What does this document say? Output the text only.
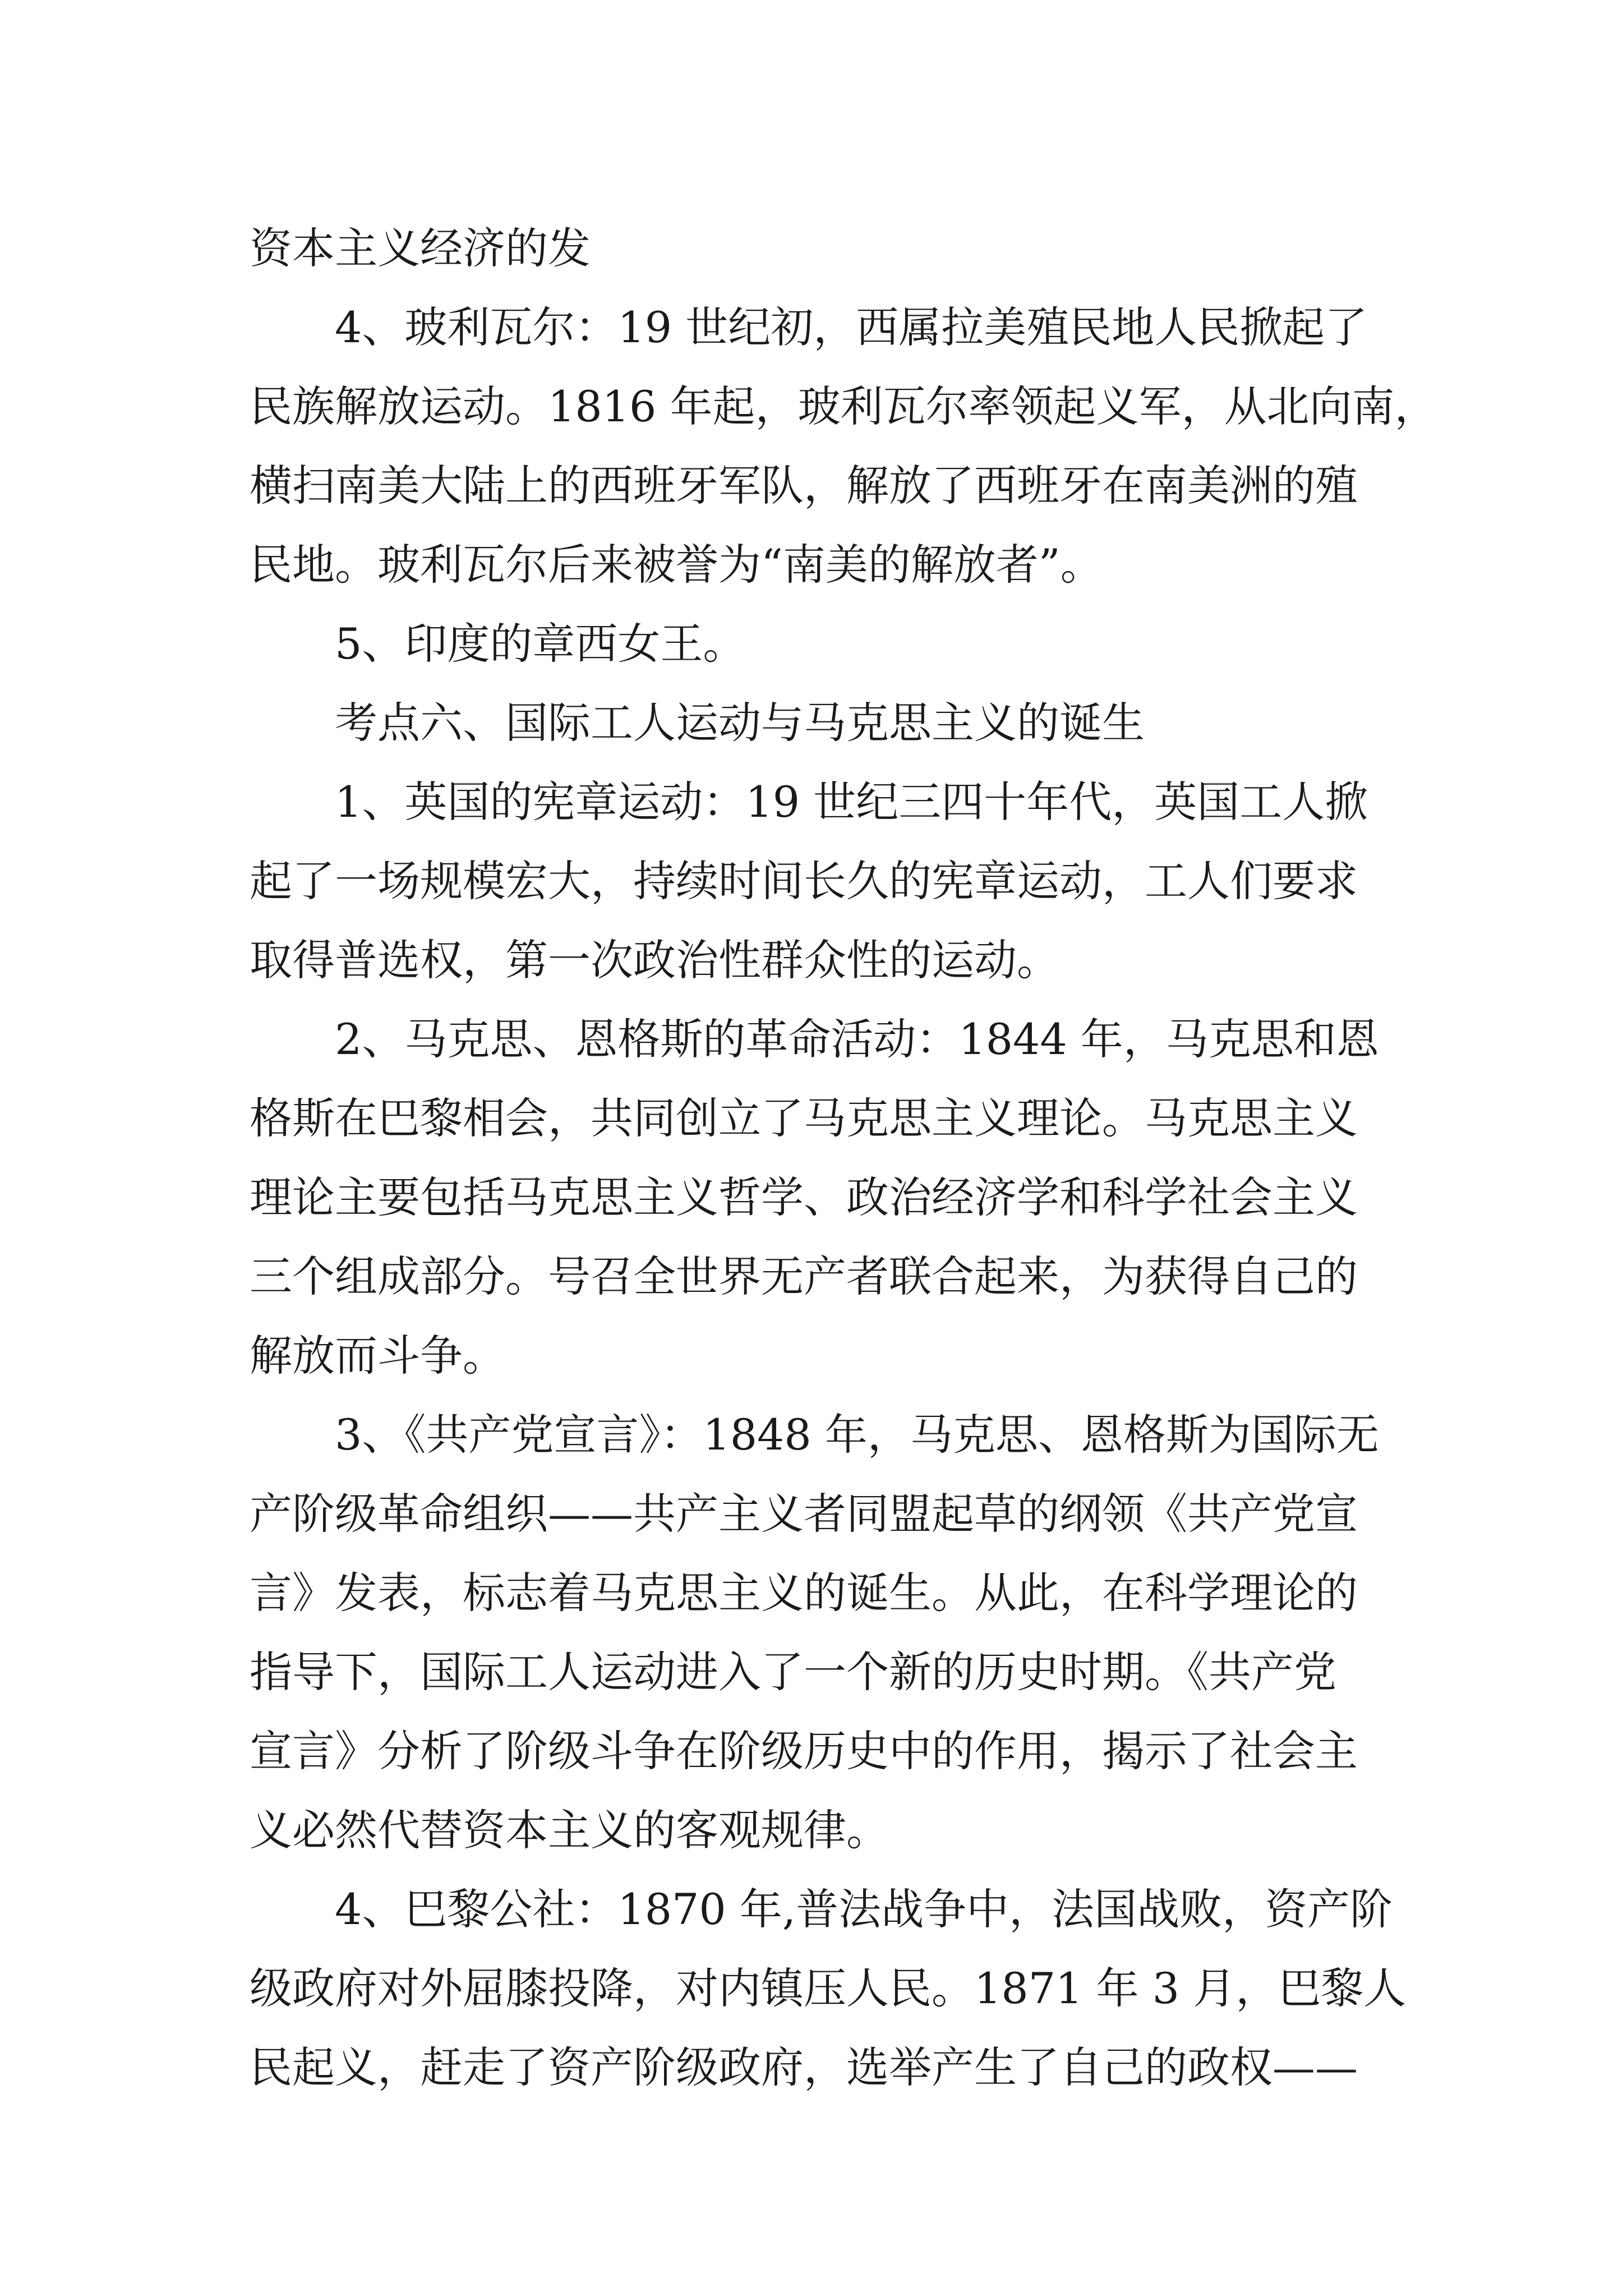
资本主义经济的发
4、玻利瓦尔：19 世纪初，西属拉美殖民地人民掀起了
民族解放运动。1816 年起，玻利瓦尔率领起义军，从北向南，
横扫南美大陆上的西班牙军队，解放了西班牙在南美洲的殖
民地。玻利瓦尔后来被誉为“南美的解放者”。
5、印度的章西女王。
考点六、国际工人运动与马克思主义的诞生
1、英国的宪章运动：19 世纪三四十年代，英国工人掀
起了一场规模宏大，持续时间长久的宪章运动，工人们要求
取得普选权，第一次政治性群众性的运动。
2、马克思、恩格斯的革命活动：1844 年，马克思和恩
格斯在巴黎相会，共同创立了马克思主义理论。马克思主义
理论主要包括马克思主义哲学、政治经济学和科学社会主义
三个组成部分。号召全世界无产者联合起来，为获得自己的
解放而斗争。
3、《共产党宣言》：1848 年，马克思、恩格斯为国际无
产阶级革命组织——共产主义者同盟起草的纲领《共产党宣
言》发表，标志着马克思主义的诞生。从此，在科学理论的
指导下，国际工人运动进入了一个新的历史时期。《共产党
宣言》分析了阶级斗争在阶级历史中的作用，揭示了社会主
义必然代替资本主义的客观规律。
4、巴黎公社：1870 年,普法战争中，法国战败，资产阶
级政府对外屈膝投降，对内镇压人民。1871 年 3 月，巴黎人
民起义，赶走了资产阶级政府，选举产生了自己的政权——
